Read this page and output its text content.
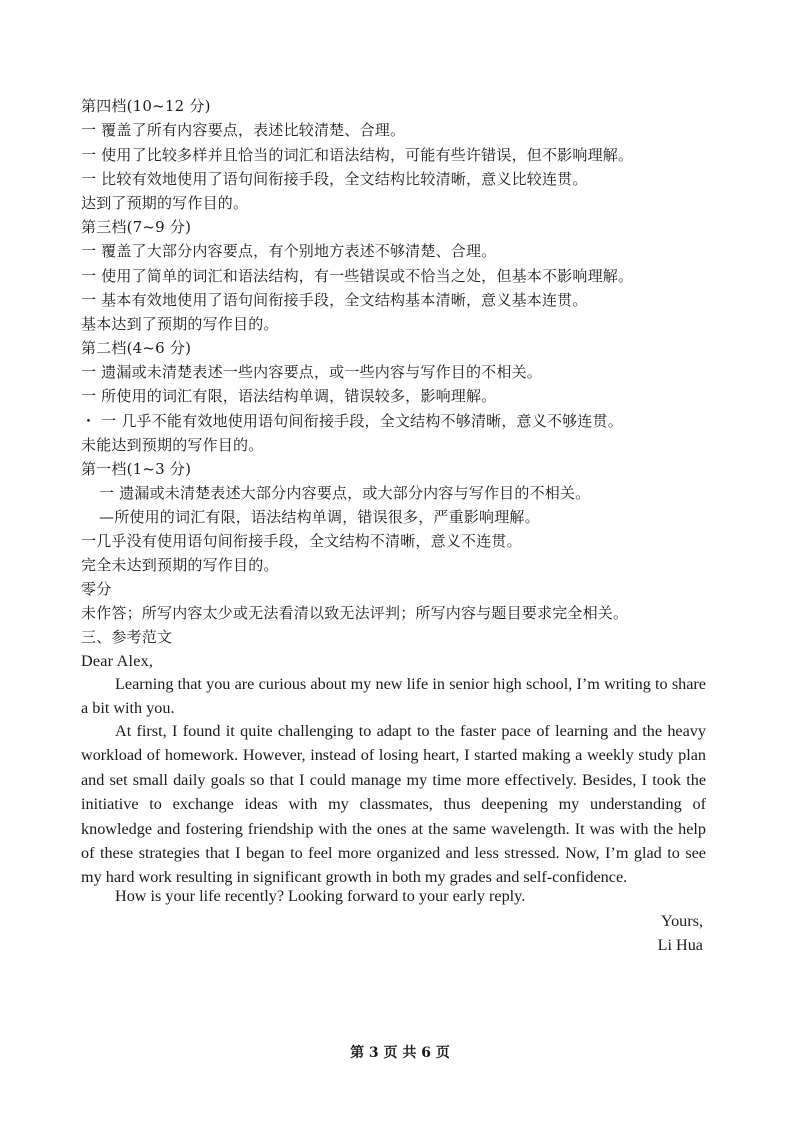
第四档(10~12 分)
一 覆盖了所有内容要点，表述比较清楚、合理。
一 使用了比较多样并且恰当的词汇和语法结构，可能有些许错误，但不影响理解。
一 比较有效地使用了语句间衔接手段，全文结构比较清晰，意义比较连贯。
达到了预期的写作目的。
第三档(7~9 分)
一 覆盖了大部分内容要点，有个别地方表述不够清楚、合理。
一 使用了简单的词汇和语法结构，有一些错误或不恰当之处，但基本不影响理解。
一 基本有效地使用了语句间衔接手段，全文结构基本清晰，意义基本连贯。
基本达到了预期的写作目的。
第二档(4~6 分)
一 遗漏或未清楚表述一些内容要点，或一些内容与写作目的不相关。
一 所使用的词汇有限，语法结构单调，错误较多，影响理解。
・ 一 几乎不能有效地使用语句间衔接手段，全文结构不够清晰，意义不够连贯。
未能达到预期的写作目的。
第一档(1~3 分)
一 遗漏或未清楚表述大部分内容要点，或大部分内容与写作目的不相关。
—所使用的词汇有限，语法结构单调，错误很多，严重影响理解。
一几乎没有使用语句间衔接手段，全文结构不清晰，意义不连贯。
完全未达到预期的写作目的。
零分
未作答；所写内容太少或无法看清以致无法评判；所写内容与题目要求完全相关。
三、参考范文
Dear Alex,
Learning that you are curious about my new life in senior high school, I’m writing to share a bit with you.
At first, I found it quite challenging to adapt to the faster pace of learning and the heavy workload of homework. However, instead of losing heart, I started making a weekly study plan and set small daily goals so that I could manage my time more effectively. Besides, I took the initiative to exchange ideas with my classmates, thus deepening my understanding of knowledge and fostering friendship with the ones at the same wavelength. It was with the help of these strategies that I began to feel more organized and less stressed. Now, I’m glad to see my hard work resulting in significant growth in both my grades and self-confidence.
How is your life recently? Looking forward to your early reply.
Yours,
Li Hua
第 3 页 共 6 页
